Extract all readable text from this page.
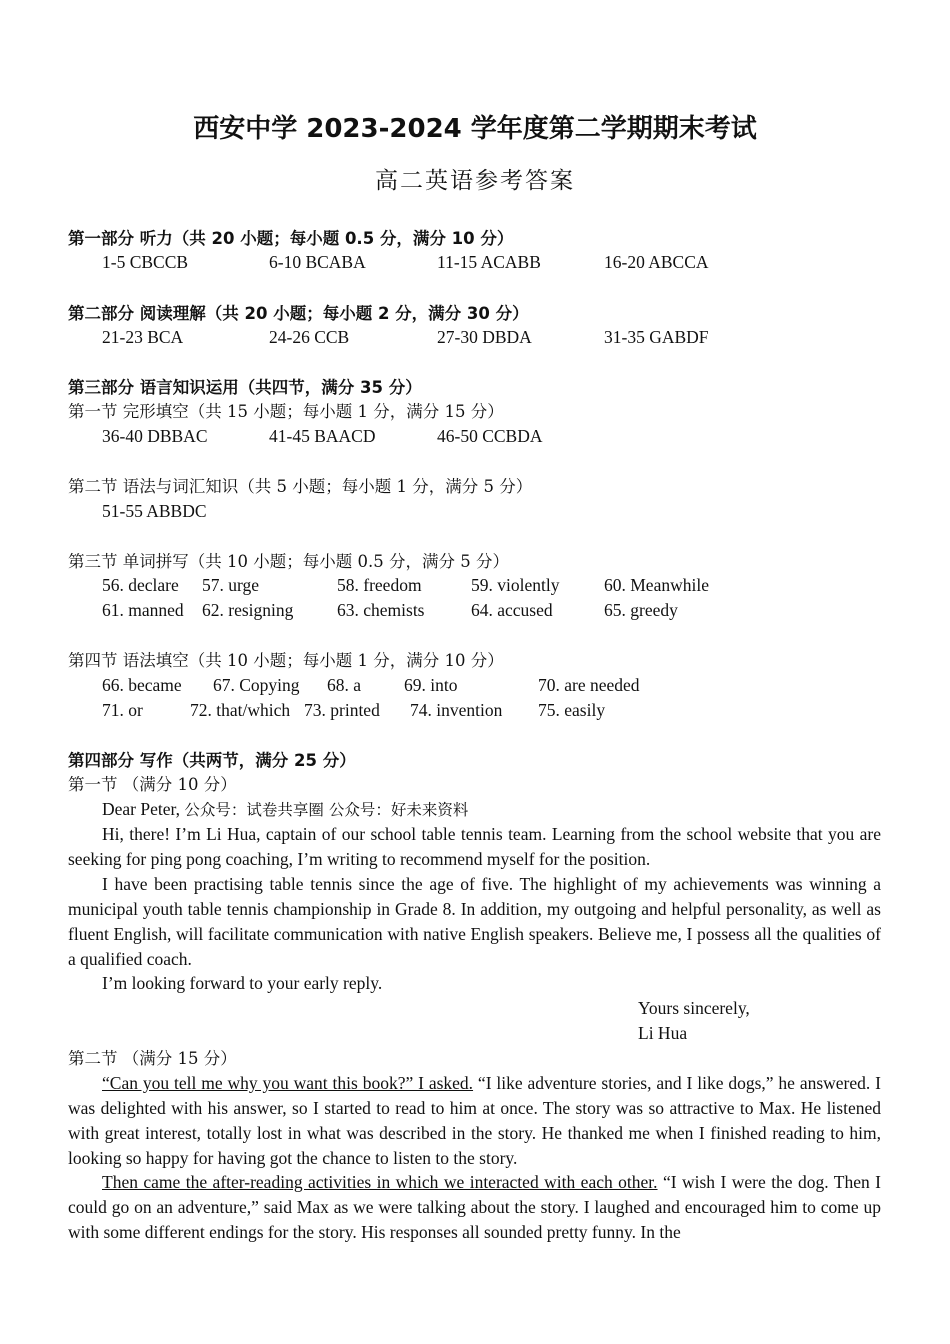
西安中学 2023-2024 学年度第二学期期末考试
高二英语参考答案
第一部分 听力（共 20 小题；每小题 0.5 分，满分 10 分）
1-5 CBCCB	6-10 BCABA	11-15 ACABB	16-20 ABCCA
第二部分 阅读理解（共 20 小题；每小题 2 分，满分 30 分）
21-23 BCA	24-26 CCB	27-30 DBDA	31-35 GABDF
第三部分 语言知识运用（共四节，满分 35 分）
第一节 完形填空（共 15 小题；每小题 1 分，满分 15 分）
36-40 DBBAC	41-45 BAACD	46-50 CCBDA
第二节 语法与词汇知识（共 5 小题；每小题 1 分，满分 5 分）
51-55 ABBDC
第三节 单词拼写（共 10 小题；每小题 0.5 分，满分 5 分）
56. declare 57. urge	58. freedom	59. violently	60. Meanwhile
61. manned 62. resigning 63. chemists	64. accused	65. greedy
第四节 语法填空（共 10 小题；每小题 1 分，满分 10 分）
66. became 67. Copying 68. a 69. into	70. are needed
71. or	72. that/which 73. printed 74. invention 75. easily
第四部分 写作（共两节，满分 25 分）
第一节 （满分 10 分）
Dear Peter, 公众号：试卷共享圈 公众号：好未来资料
Hi, there! I’m Li Hua, captain of our school table tennis team. Learning from the school website that you are seeking for ping pong coaching, I’m writing to recommend myself for the position.
I have been practising table tennis since the age of five. The highlight of my achievements was winning a municipal youth table tennis championship in Grade 8. In addition, my outgoing and helpful personality, as well as fluent English, will facilitate communication with native English speakers. Believe me, I possess all the qualities of a qualified coach.
I’m looking forward to your early reply.
Yours sincerely,
Li Hua
第二节 （满分 15 分）
“Can you tell me why you want this book?” I asked. “I like adventure stories, and I like dogs,” he answered. I was delighted with his answer, so I started to read to him at once. The story was so attractive to Max. He listened with great interest, totally lost in what was described in the story. He thanked me when I finished reading to him, looking so happy for having got the chance to listen to the story.
Then came the after-reading activities in which we interacted with each other. “I wish I were the dog. Then I could go on an adventure,” said Max as we were talking about the story. I laughed and encouraged him to come up with some different endings for the story. His responses all sounded pretty funny. In the
